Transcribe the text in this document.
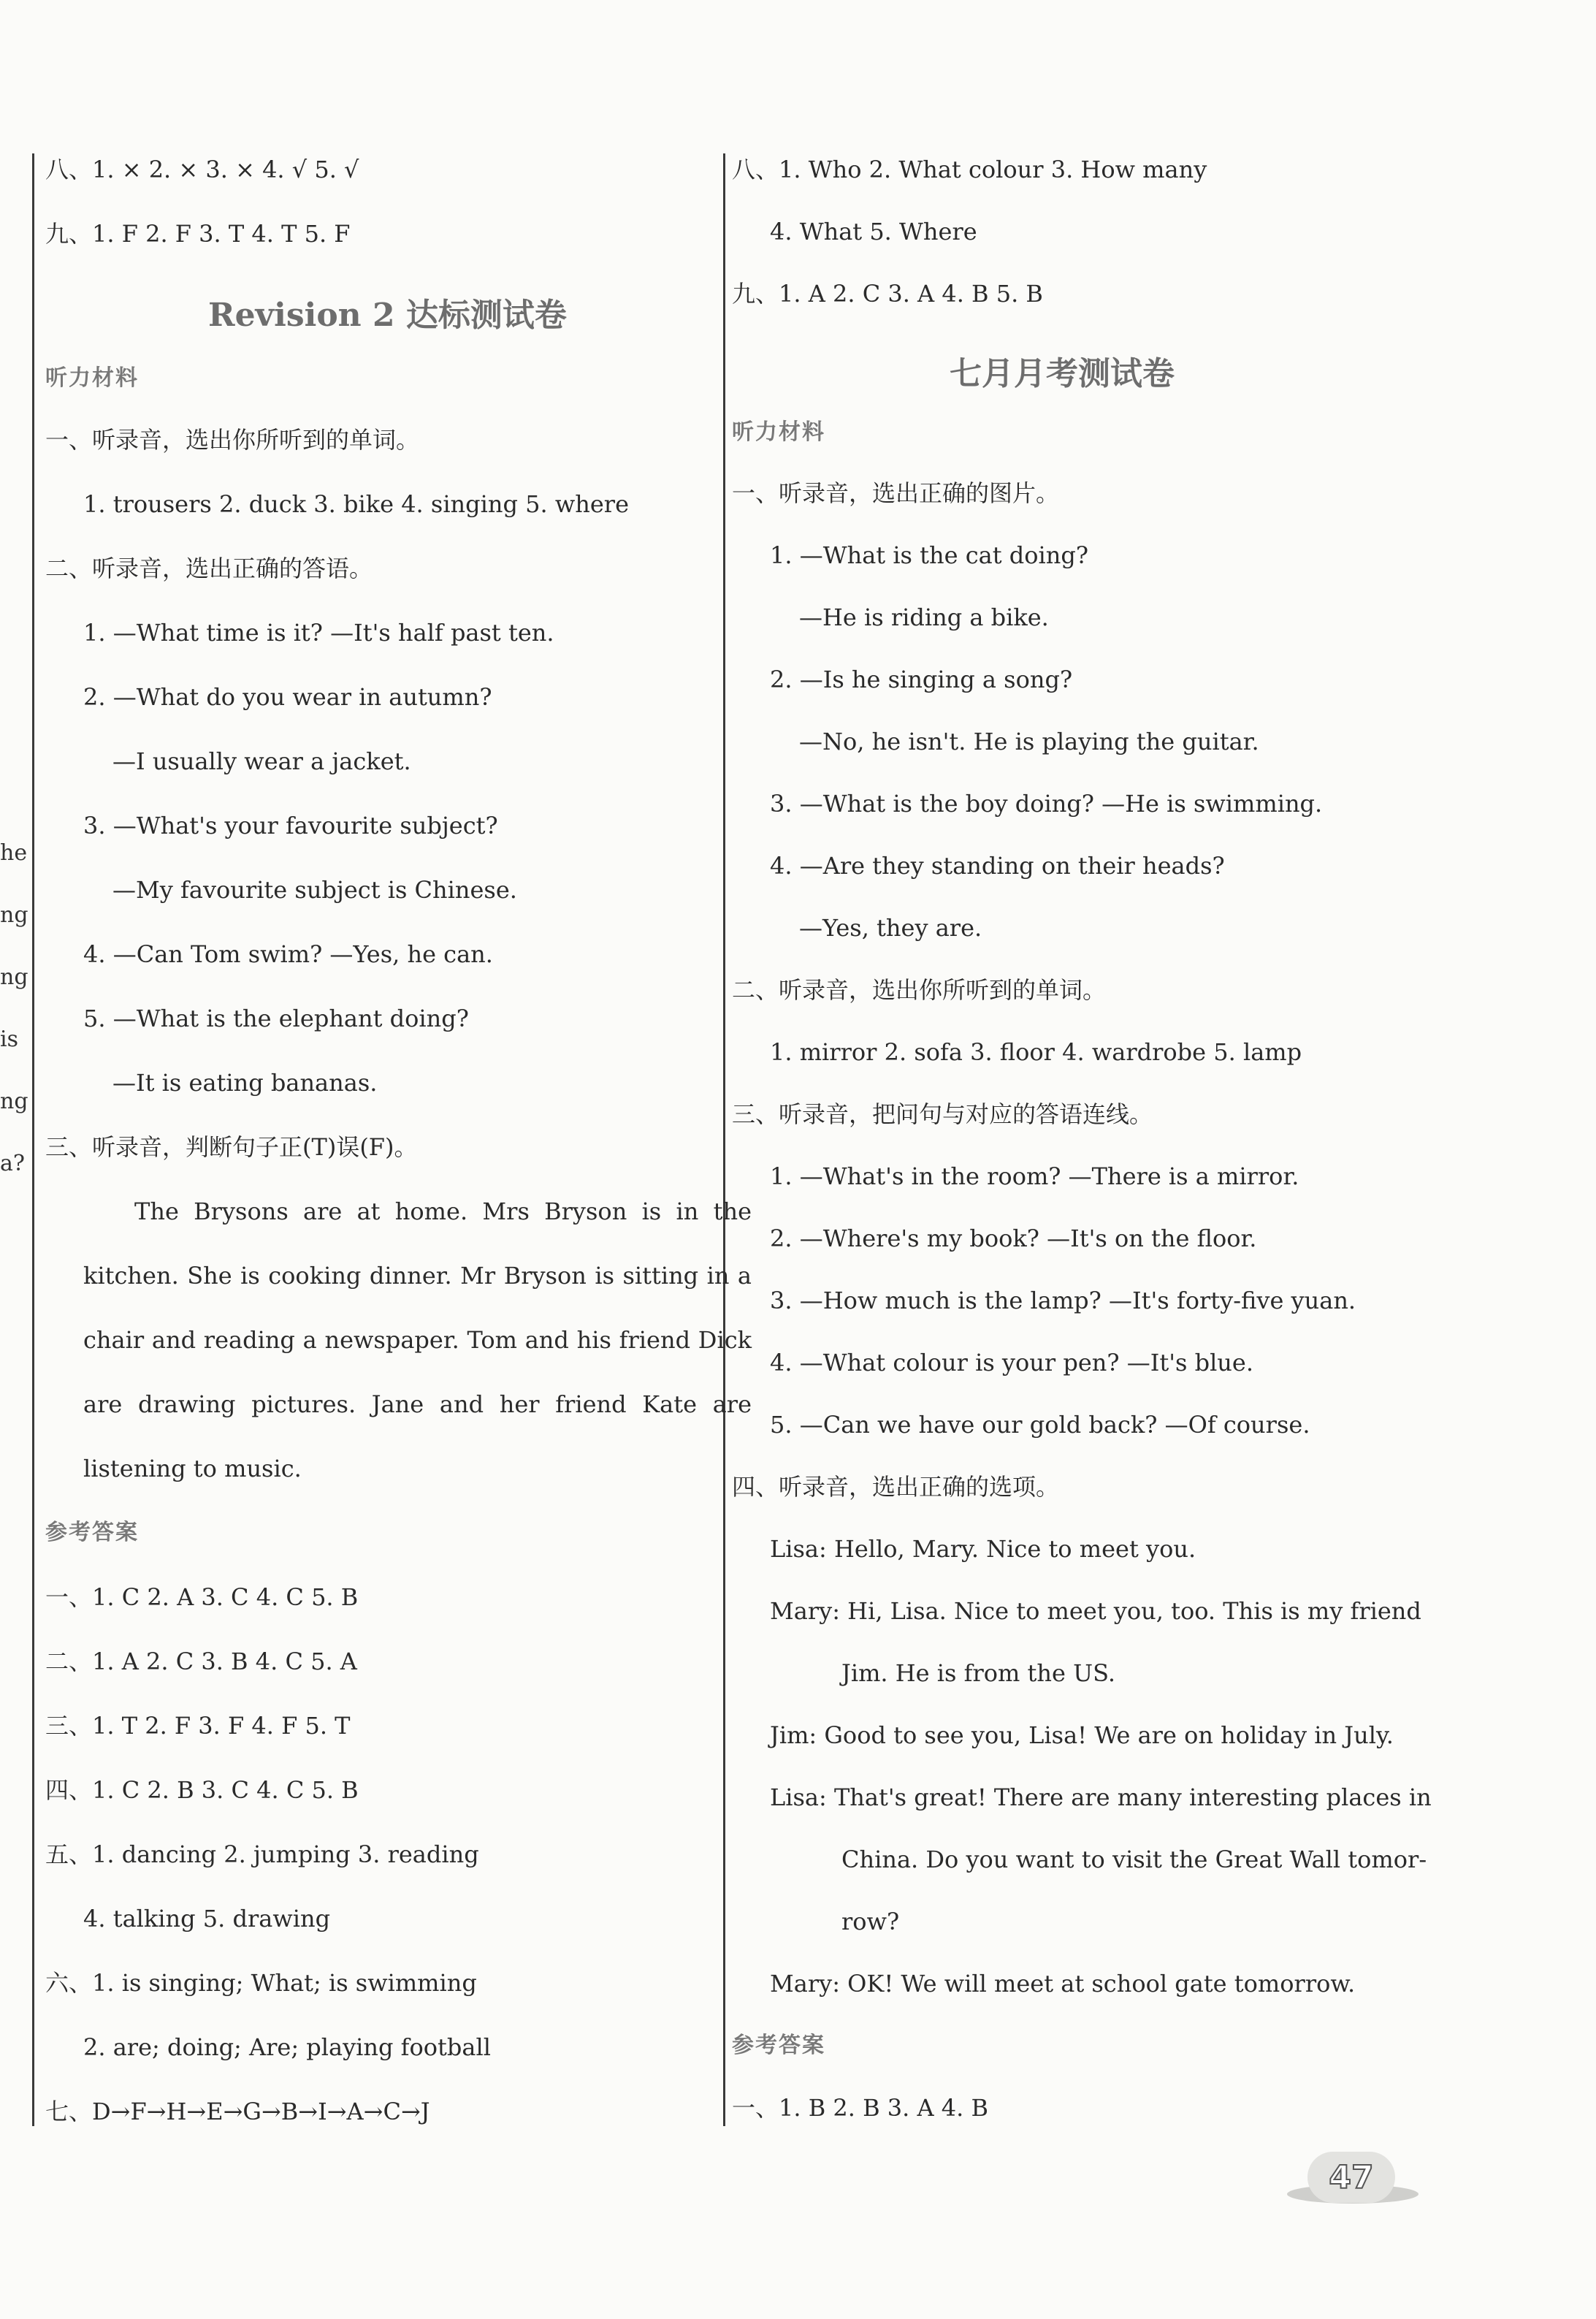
he
ng
ng
is
ng
a?
八、1. × 2. × 3. × 4. √ 5. √
九、1. F 2. F 3. T 4. T 5. F
Revision 2 达标测试卷
听力材料
一、听录音，选出你所听到的单词。
1. trousers 2. duck 3. bike 4. singing 5. where
二、听录音，选出正确的答语。
1. —What time is it? —It's half past ten.
2. —What do you wear in autumn?
—I usually wear a jacket.
3. —What's your favourite subject?
—My favourite subject is Chinese.
4. —Can Tom swim? —Yes, he can.
5. —What is the elephant doing?
—It is eating bananas.
三、听录音，判断句子正(T)误(F)。
The Brysons are at home. Mrs Bryson is in the kitchen. She is cooking dinner. Mr Bryson is sitting in a chair and reading a newspaper. Tom and his friend Dick are drawing pictures. Jane and her friend Kate are listening to music.
参考答案
一、1. C 2. A 3. C 4. C 5. B
二、1. A 2. C 3. B 4. C 5. A
三、1. T 2. F 3. F 4. F 5. T
四、1. C 2. B 3. C 4. C 5. B
五、1. dancing 2. jumping 3. reading
4. talking 5. drawing
六、1. is singing; What; is swimming
2. are; doing; Are; playing football
七、D→F→H→E→G→B→I→A→C→J
八、1. Who 2. What colour 3. How many
4. What 5. Where
九、1. A 2. C 3. A 4. B 5. B
七月月考测试卷
听力材料
一、听录音，选出正确的图片。
1. —What is the cat doing?
—He is riding a bike.
2. —Is he singing a song?
—No, he isn't. He is playing the guitar.
3. —What is the boy doing? —He is swimming.
4. —Are they standing on their heads?
—Yes, they are.
二、听录音，选出你所听到的单词。
1. mirror 2. sofa 3. floor 4. wardrobe 5. lamp
三、听录音，把问句与对应的答语连线。
1. —What's in the room? —There is a mirror.
2. —Where's my book? —It's on the floor.
3. —How much is the lamp? —It's forty-five yuan.
4. —What colour is your pen? —It's blue.
5. —Can we have our gold back? —Of course.
四、听录音，选出正确的选项。
Lisa: Hello, Mary. Nice to meet you.
Mary: Hi, Lisa. Nice to meet you, too. This is my friend
Jim. He is from the US.
Jim: Good to see you, Lisa! We are on holiday in July.
Lisa: That's great! There are many interesting places in
China. Do you want to visit the Great Wall tomor-
row?
Mary: OK! We will meet at school gate tomorrow.
参考答案
一、1. B 2. B 3. A 4. B
47
